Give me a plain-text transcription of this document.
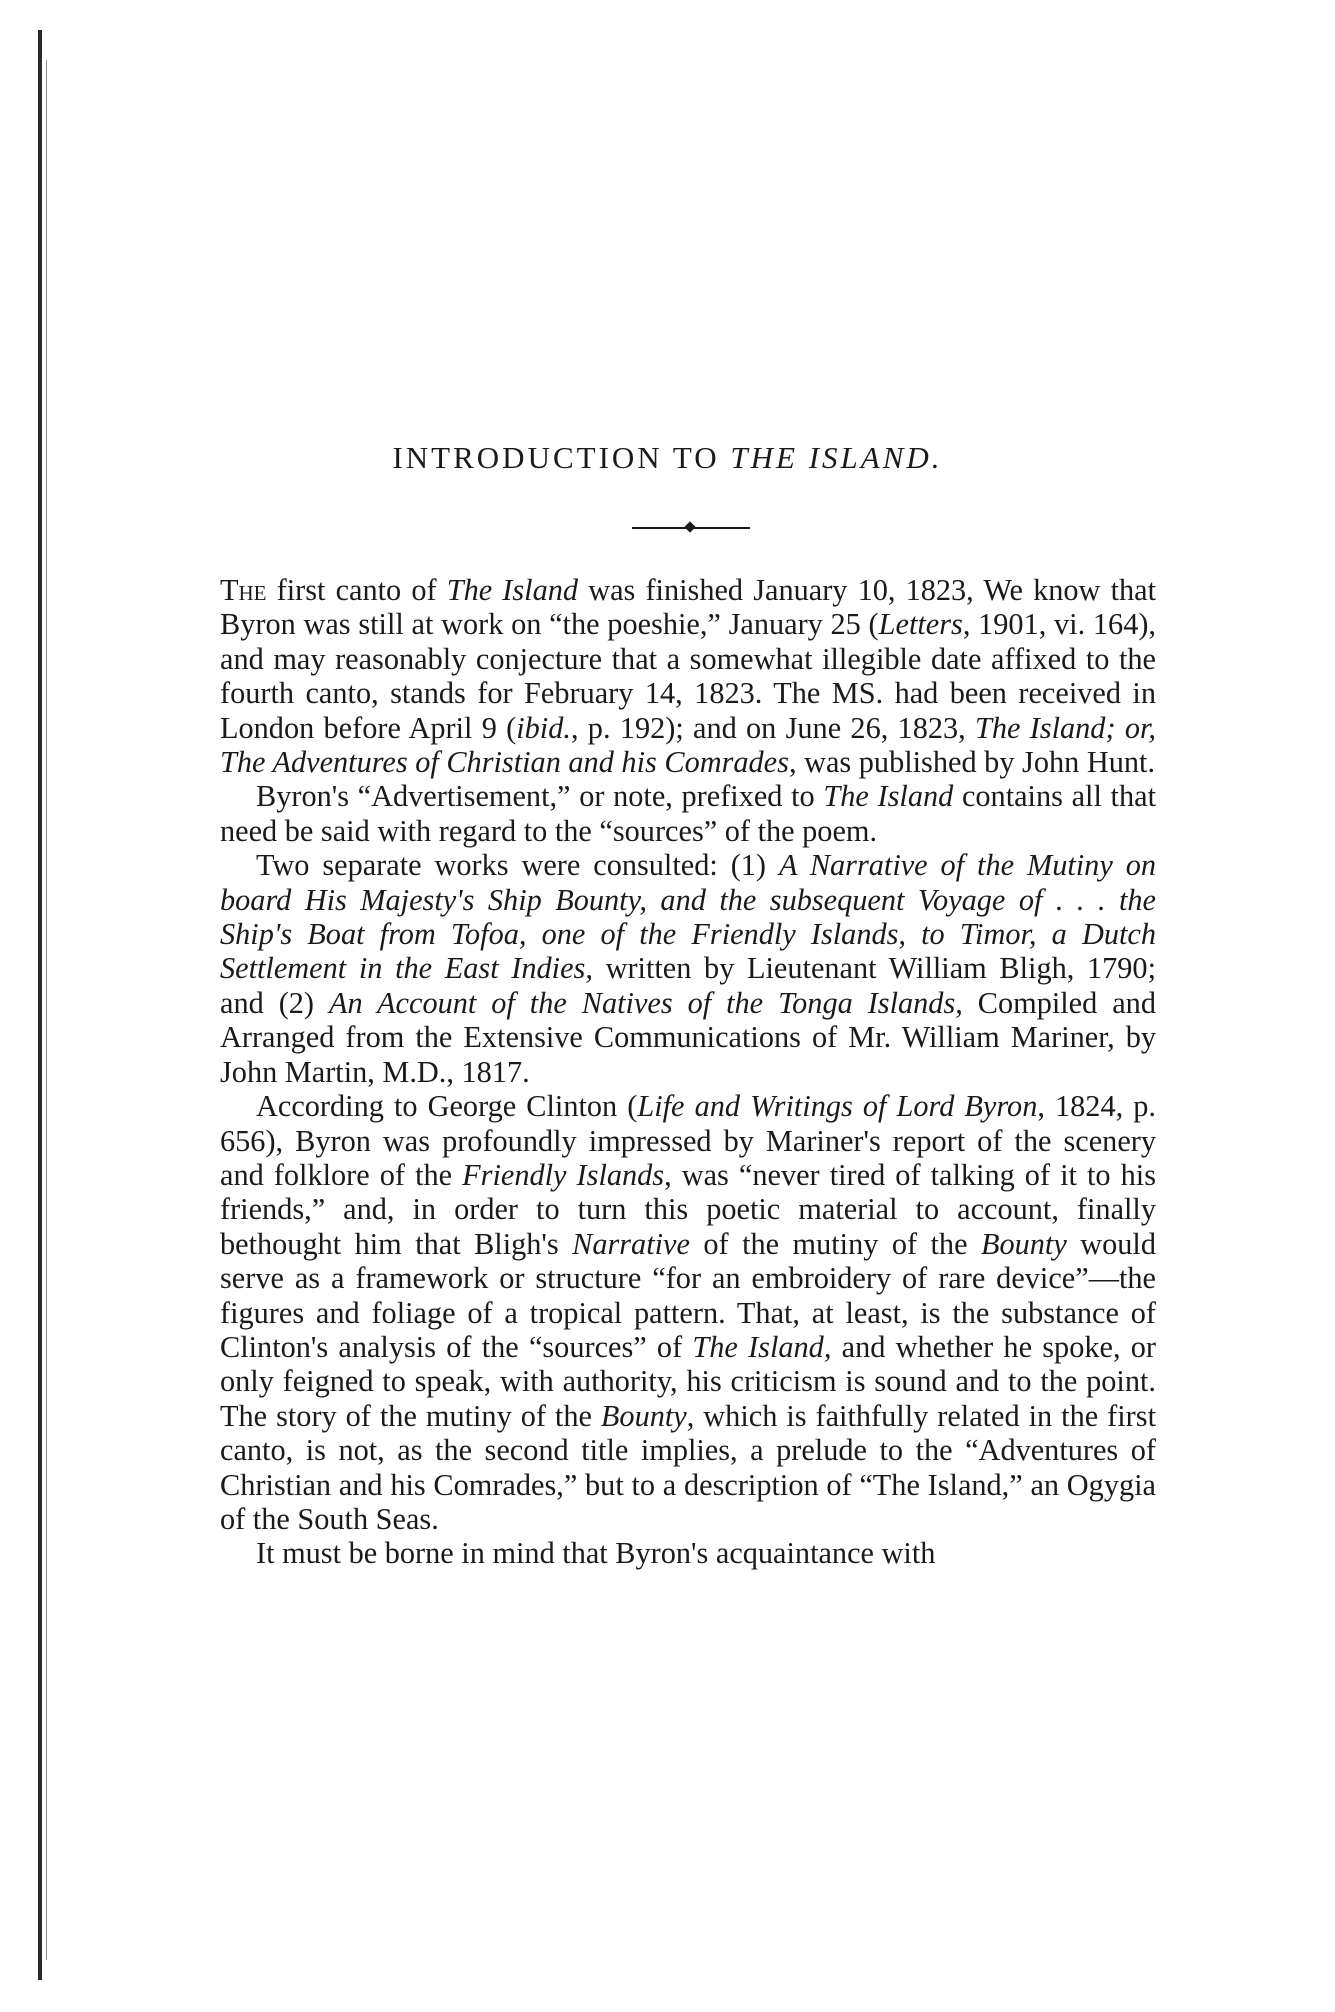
INTRODUCTION TO THE ISLAND.

The first canto of The Island was finished January 10, 1823, We know that Byron was still at work on “the poeshie,” January 25 (Letters, 1901, vi. 164), and may reasonably conjecture that a somewhat illegible date affixed to the fourth canto, stands for February 14, 1823. The MS. had been received in London before April 9 (ibid., p. 192); and on June 26, 1823, The Island; or, The Adventures of Christian and his Comrades, was published by John Hunt.

Byron's “Advertisement,” or note, prefixed to The Island contains all that need be said with regard to the “sources” of the poem.

Two separate works were consulted: (1) A Narrative of the Mutiny on board His Majesty's Ship Bounty, and the subsequent Voyage of . . . the Ship's Boat from Tofoa, one of the Friendly Islands, to Timor, a Dutch Settlement in the East Indies, written by Lieutenant William Bligh, 1790; and (2) An Account of the Natives of the Tonga Islands, Compiled and Arranged from the Extensive Communications of Mr. William Mariner, by John Martin, M.D., 1817.

According to George Clinton (Life and Writings of Lord Byron, 1824, p. 656), Byron was profoundly impressed by Mariner's report of the scenery and folklore of the Friendly Islands, was “never tired of talking of it to his friends,” and, in order to turn this poetic material to account, finally bethought him that Bligh's Narrative of the mutiny of the Bounty would serve as a framework or structure “for an embroidery of rare device”—the figures and foliage of a tropical pattern. That, at least, is the substance of Clinton's analysis of the “sources” of The Island, and whether he spoke, or only feigned to speak, with authority, his criticism is sound and to the point. The story of the mutiny of the Bounty, which is faithfully related in the first canto, is not, as the second title implies, a prelude to the “Adventures of Christian and his Comrades,” but to a description of “The Island,” an Ogygia of the South Seas.

It must be borne in mind that Byron's acquaintance with
